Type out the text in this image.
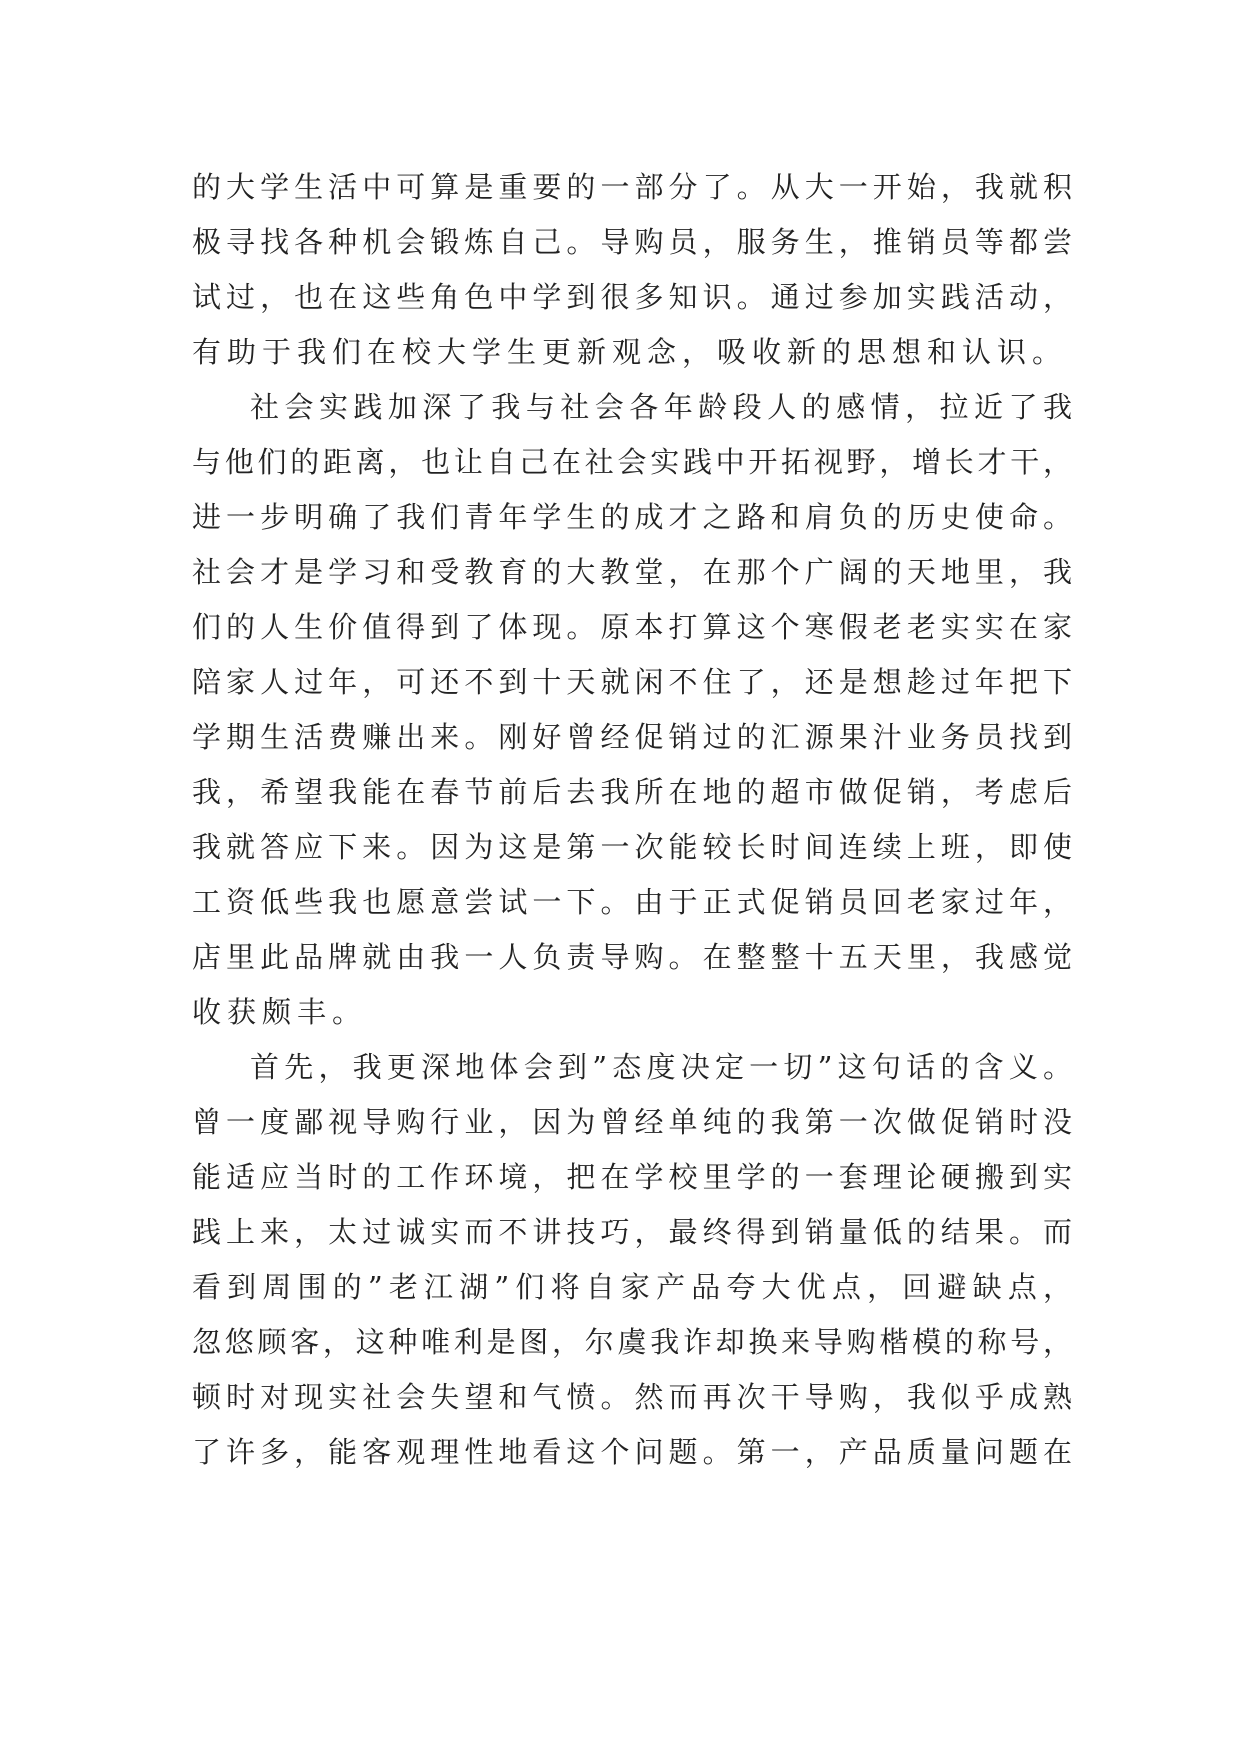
的大学生活中可算是重要的一部分了。从大一开始，我就积
极寻找各种机会锻炼自己。导购员，服务生，推销员等都尝
试过，也在这些角色中学到很多知识。通过参加实践活动，
有助于我们在校大学生更新观念，吸收新的思想和认识。
社会实践加深了我与社会各年龄段人的感情，拉近了我
与他们的距离，也让自己在社会实践中开拓视野，增长才干，
进一步明确了我们青年学生的成才之路和肩负的历史使命。
社会才是学习和受教育的大教堂，在那个广阔的天地里，我
们的人生价值得到了体现。原本打算这个寒假老老实实在家
陪家人过年，可还不到十天就闲不住了，还是想趁过年把下
学期生活费赚出来。刚好曾经促销过的汇源果汁业务员找到
我，希望我能在春节前后去我所在地的超市做促销，考虑后
我就答应下来。因为这是第一次能较长时间连续上班，即使
工资低些我也愿意尝试一下。由于正式促销员回老家过年，
店里此品牌就由我一人负责导购。在整整十五天里，我感觉
收获颇丰。
首先，我更深地体会到”态度决定一切”这句话的含义。
曾一度鄙视导购行业，因为曾经单纯的我第一次做促销时没
能适应当时的工作环境，把在学校里学的一套理论硬搬到实
践上来，太过诚实而不讲技巧，最终得到销量低的结果。而
看到周围的”老江湖”们将自家产品夸大优点，回避缺点，
忽悠顾客，这种唯利是图，尔虞我诈却换来导购楷模的称号，
顿时对现实社会失望和气愤。然而再次干导购，我似乎成熟
了许多，能客观理性地看这个问题。第一，产品质量问题在
